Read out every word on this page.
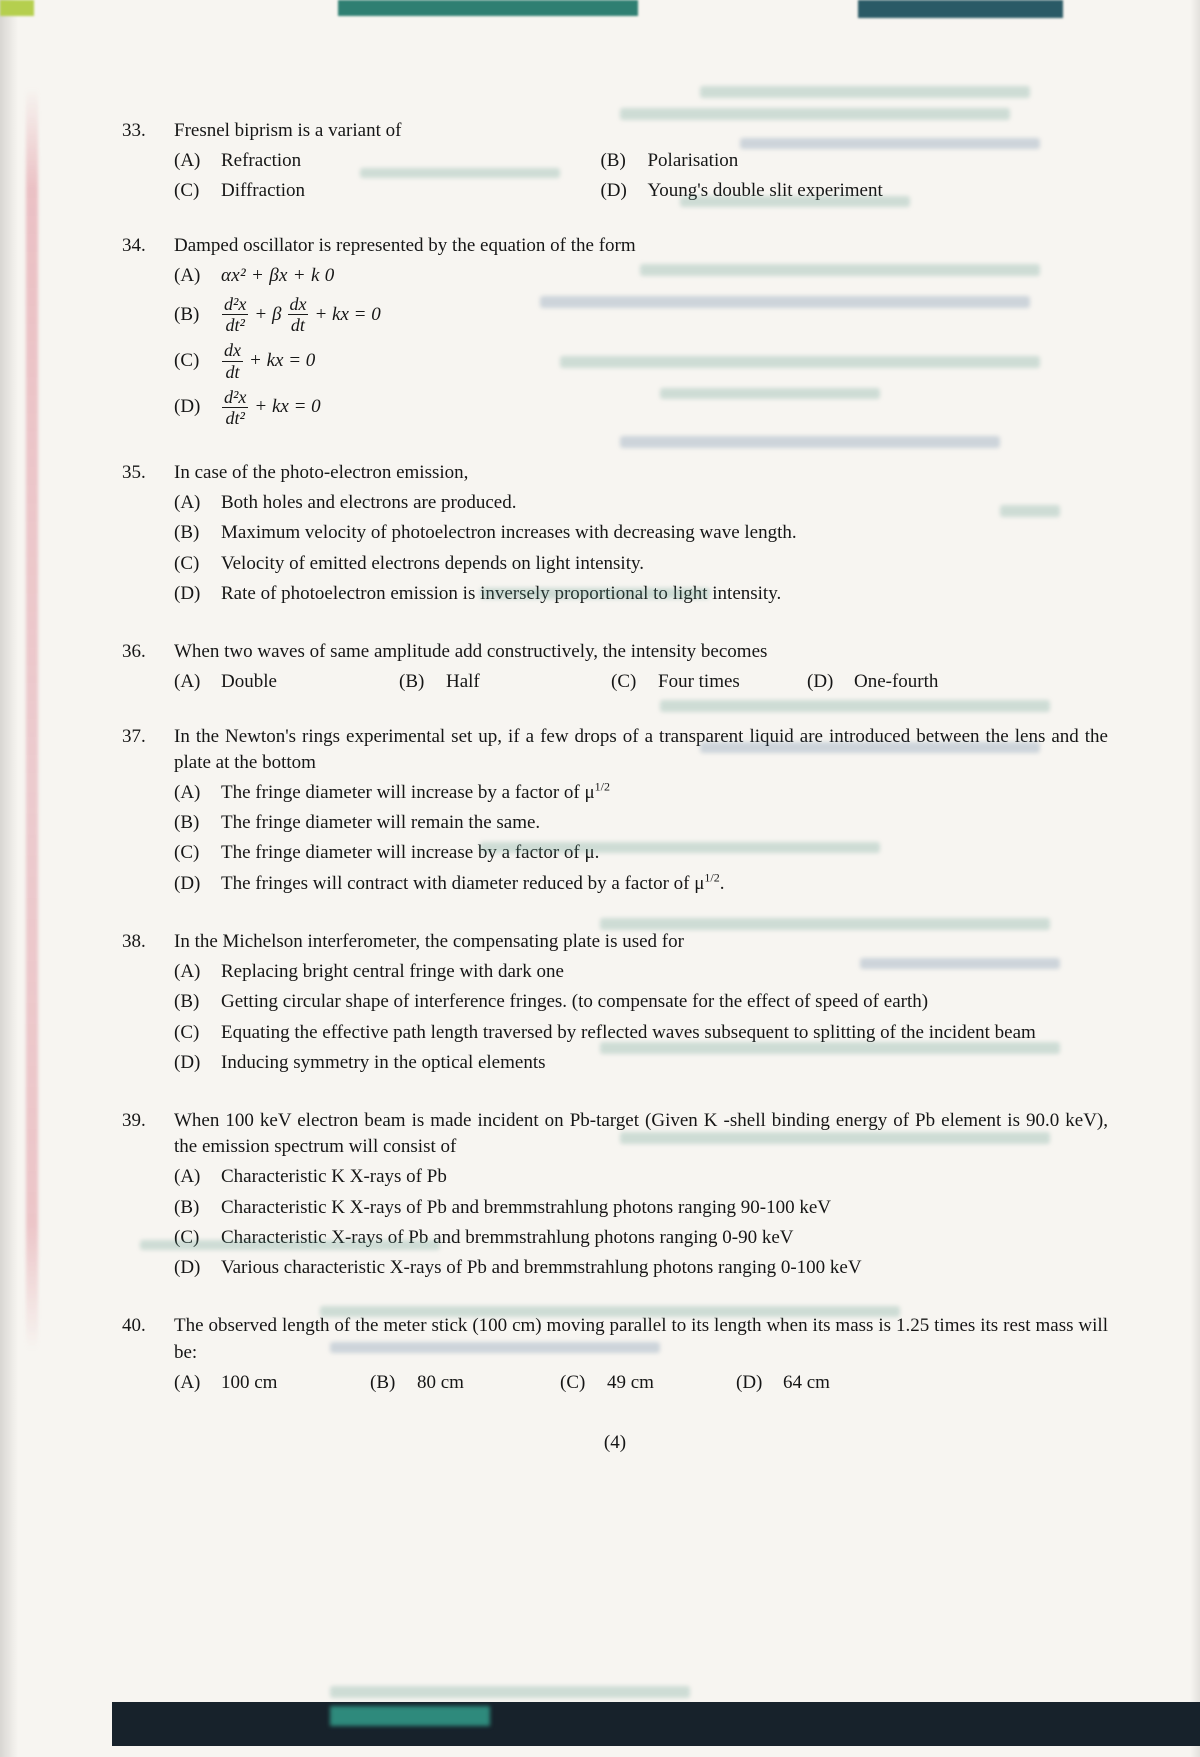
33.	Fresnel biprism is a variant of

(A)	Refraction	(B)	Polarisation
(C)	Diffraction	(D)	Young's double slit experiment
34.	Damped oscillator is represented by the equation of the form

(A)	αx² + βx + k 0
(B)	$\frac{\text{d²x}}{\text{dt²}} + \beta \frac{dx}{dt}$ + kx = 0
(C)	$\frac{dx}{dt}$ + kx = 0
(D)	$\frac{\text{d²x}}{\text{dt²}}$ + kx = 0
35.	In case of the photo-electron emission,

(A)	Both holes and electrons are produced.
(B)	Maximum velocity of photoelectron increases with decreasing wave length.
(C)	Velocity of emitted electrons depends on light intensity.
(D)	Rate of photoelectron emission is inversely proportional to light intensity.
36.	When two waves of same amplitude add constructively, the intensity becomes

(A)	Double	(B)	Half	(C)	Four times	(D)	One-fourth
37.	In the Newton's rings experimental set up, if a few drops of a transparent liquid are introduced between the lens and the plate at the bottom

(A)	The fringe diameter will increase by a factor of $\mu^{1/2}$
(B)	The fringe diameter will remain the same.
(C)	The fringe diameter will increase by a factor of μ.
(D)	The fringes will contract with diameter reduced by a factor of $\mu^{1/2}$.
38.	In the Michelson interferometer, the compensating plate is used for

(A)	Replacing bright central fringe with dark one
(B)	Getting circular shape of interference fringes. (to compensate for the effect of speed of earth)
(C)	Equating the effective path length traversed by reflected waves subsequent to splitting of the incident beam
(D)	Inducing symmetry in the optical elements
39.	When 100 keV electron beam is made incident on Pb-target (Given K -shell binding energy of Pb element is 90.0 keV), the emission spectrum will consist of

(A)	Characteristic K X-rays of Pb
(B)	Characteristic K X-rays of Pb and bremmstrahlung photons ranging 90-100 keV
(C)	Characteristic X-rays of Pb and bremmstrahlung photons ranging 0-90 keV
(D)	Various characteristic X-rays of Pb and bremmstrahlung photons ranging 0-100 keV
40.	The observed length of the meter stick (100 cm) moving parallel to its length when its mass is 1.25 times its rest mass will be:

(A)	100 cm	(B)	80 cm	(C)	49 cm	(D)	64 cm
(4)
